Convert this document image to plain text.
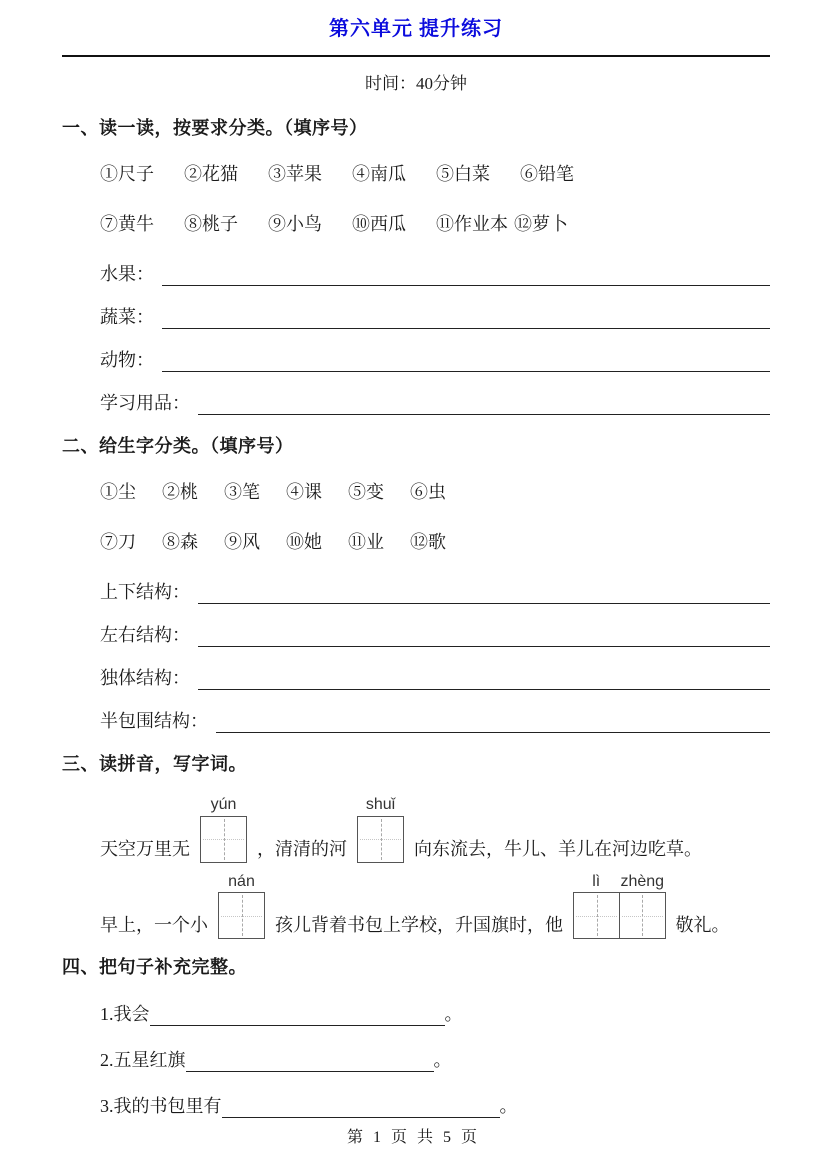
第六单元 提升练习
时间：40分钟
一、读一读，按要求分类。（填序号）
①尺子 ②花猫 ③苹果 ④南瓜 ⑤白菜 ⑥铅笔
⑦黄牛 ⑧桃子 ⑨小鸟 ⑩西瓜 ⑪作业本 ⑫萝卜
水果：
蔬菜：
动物：
学习用品：
二、给生字分类。（填序号）
①尘 ②桃 ③笔 ④课 ⑤变 ⑥虫
⑦刀 ⑧森 ⑨风 ⑩她 ⑪业 ⑫歌
上下结构：
左右结构：
独体结构：
半包围结构：
三、读拼音，写字词。
天空万里无
yún
，清清的河
shuǐ
向东流去，牛儿、羊儿在河边吃草。
早上，一个小
nán
孩儿背着书包上学校，升国旗时，他
lì	zhèng
敬礼。
四、把句子补充完整。
1.我会	。
2.五星红旗	。
3.我的书包里有	。
第 1 页 共 5 页
